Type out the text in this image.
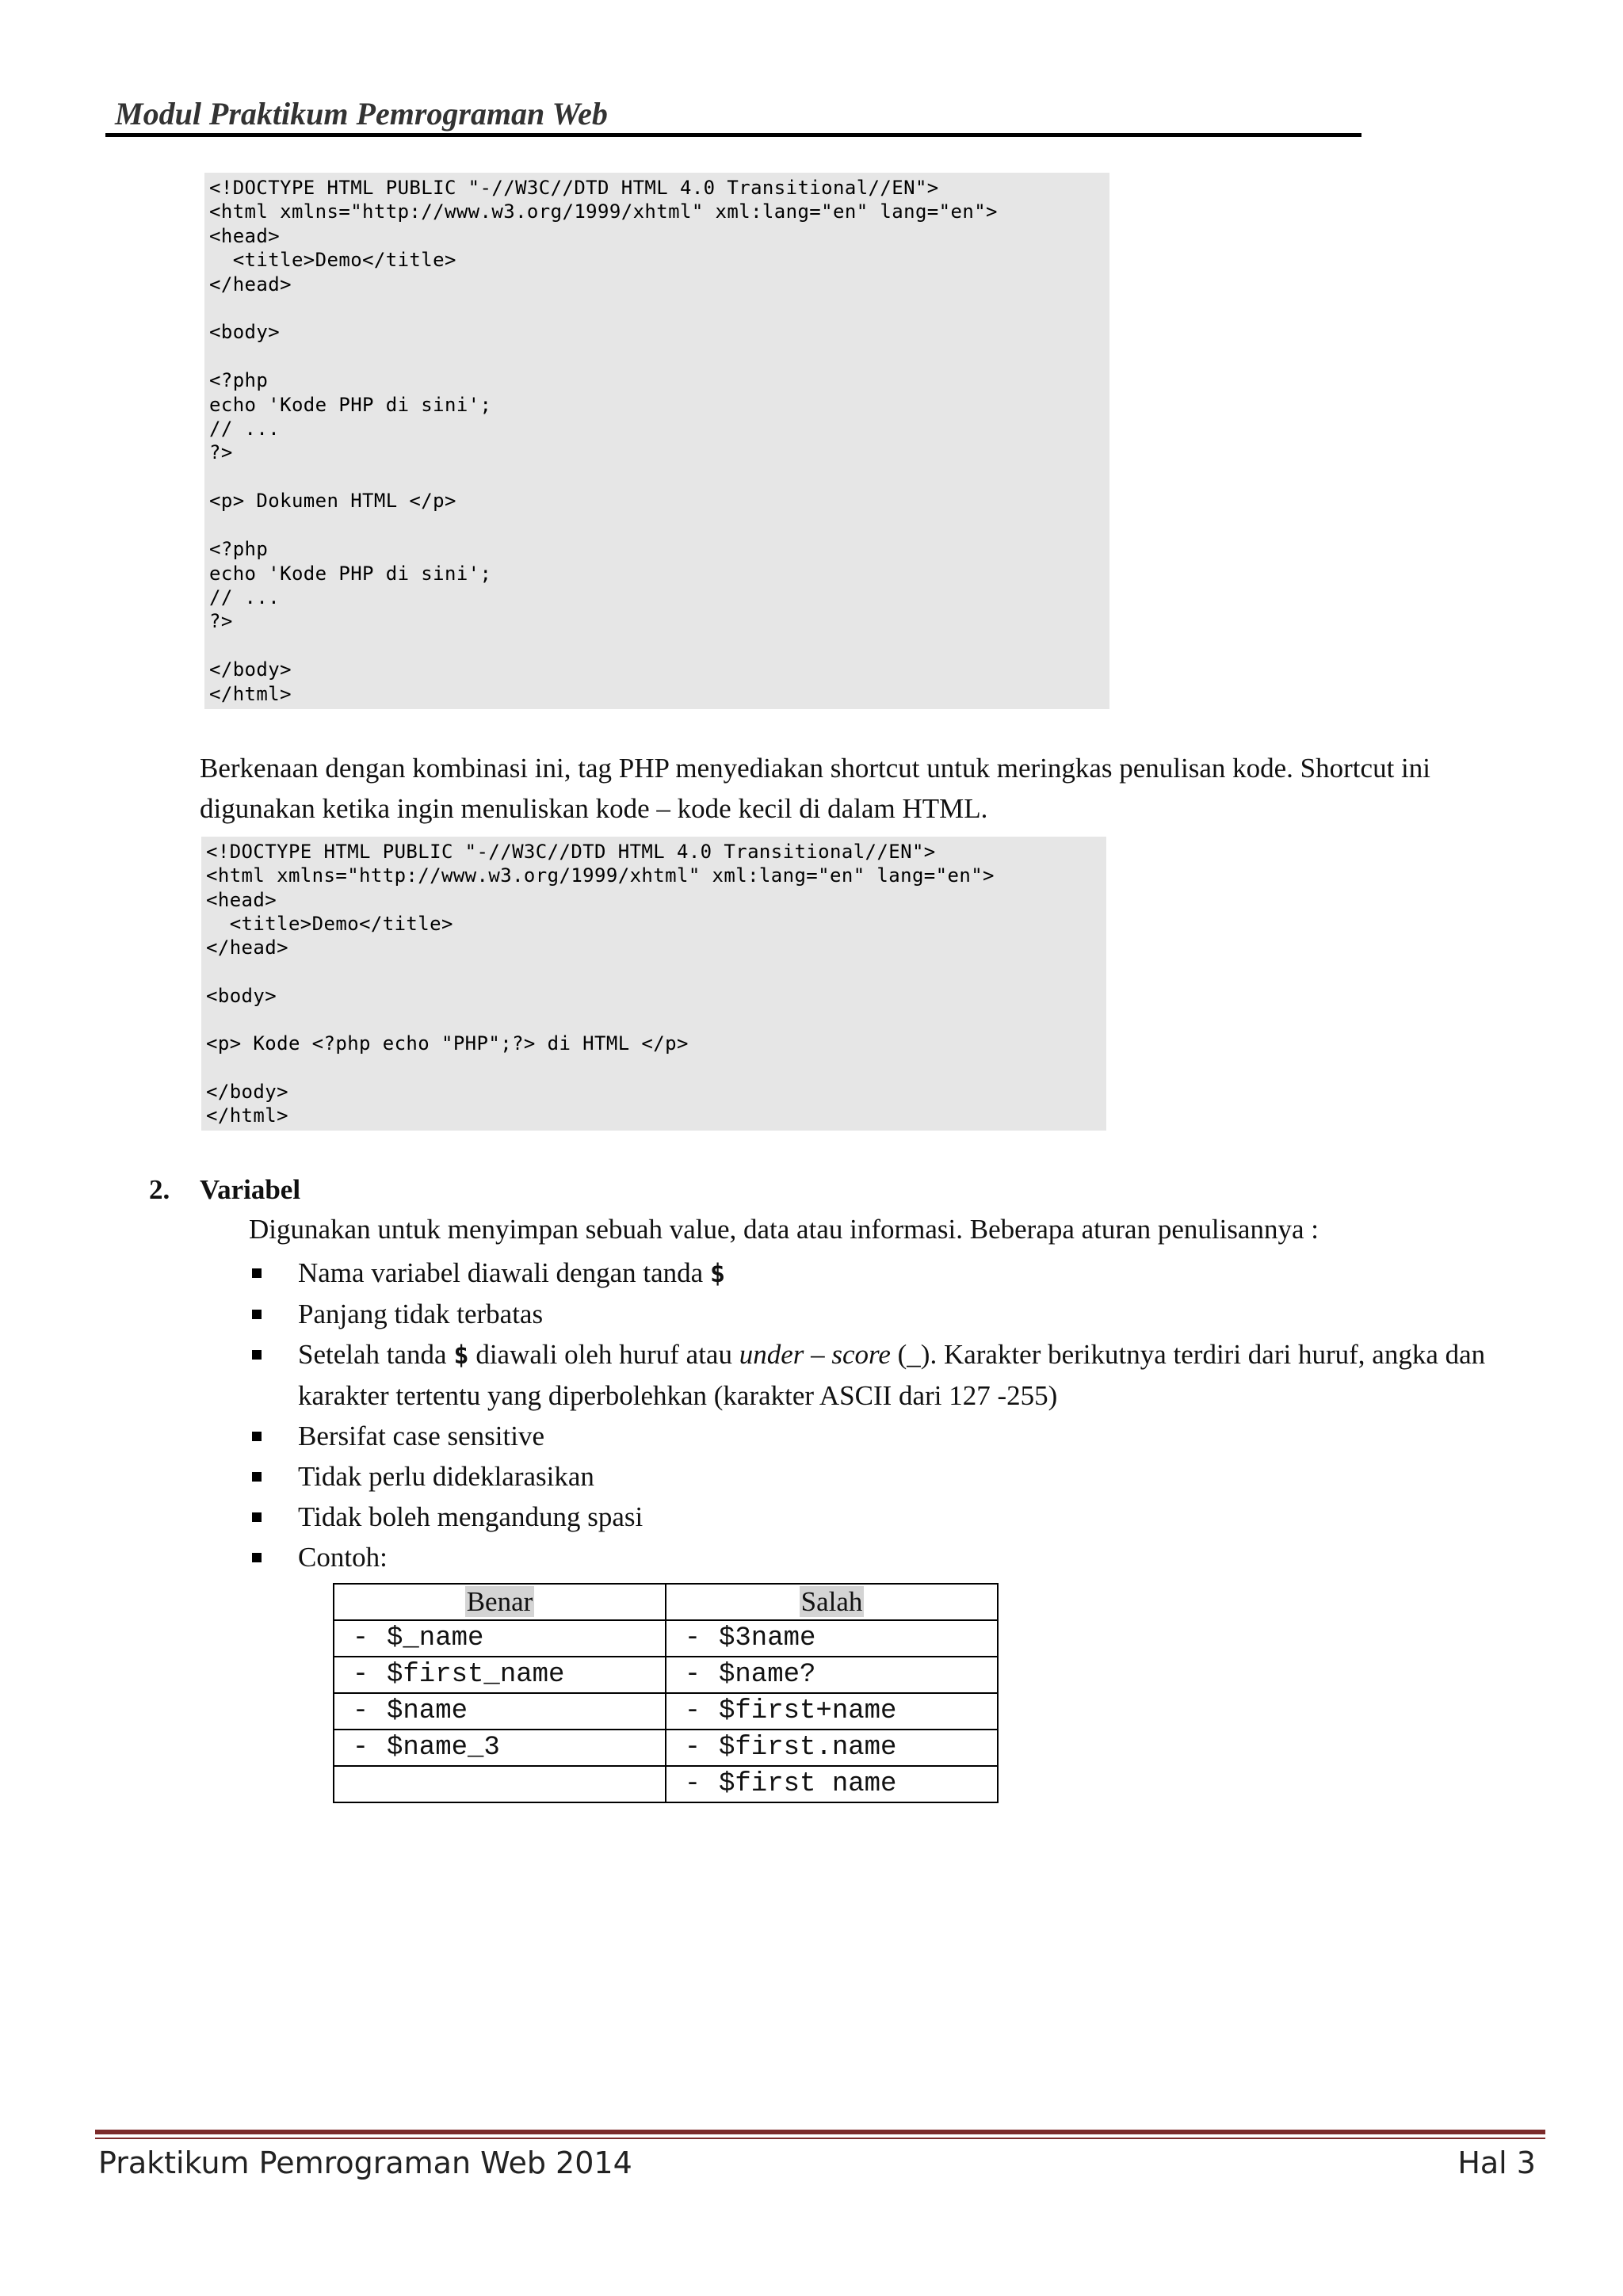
Modul Praktikum Pemrograman Web
<!DOCTYPE HTML PUBLIC "-//W3C//DTD HTML 4.0 Transitional//EN">
<html xmlns="http://www.w3.org/1999/xhtml" xml:lang="en" lang="en">
<head>
<title>Demo</title>
</head>

<body>

<?php
echo 'Kode PHP di sini';
// ...
?>

<p> Dokumen HTML </p>

<?php
echo 'Kode PHP di sini';
// ...
?>

</body>
</html>
Berkenaan dengan kombinasi ini, tag PHP menyediakan shortcut untuk meringkas penulisan kode. Shortcut ini digunakan ketika ingin menuliskan kode – kode kecil di dalam HTML.
<!DOCTYPE HTML PUBLIC "-//W3C//DTD HTML 4.0 Transitional//EN">
<html xmlns="http://www.w3.org/1999/xhtml" xml:lang="en" lang="en">
<head>
<title>Demo</title>
</head>

<body>

<p> Kode <?php echo "PHP";?> di HTML </p>

</body>
</html>
2. Variabel
Digunakan untuk menyimpan sebuah value, data atau informasi. Beberapa aturan penulisannya :
Nama variabel diawali dengan tanda $
Panjang tidak terbatas
Setelah tanda $ diawali oleh huruf atau under – score (_). Karakter berikutnya terdiri dari huruf, angka dan karakter tertentu yang diperbolehkan (karakter ASCII dari 127 -255)
Bersifat case sensitive
Tidak perlu dideklarasikan
Tidak boleh mengandung spasi
Contoh:
Benar	Salah
- $_name	- $3name
- $first_name	- $name?
- $name	- $first+name
- $name_3	- $first.name
	- $first name
Praktikum Pemrograman Web 2014	Hal 3
